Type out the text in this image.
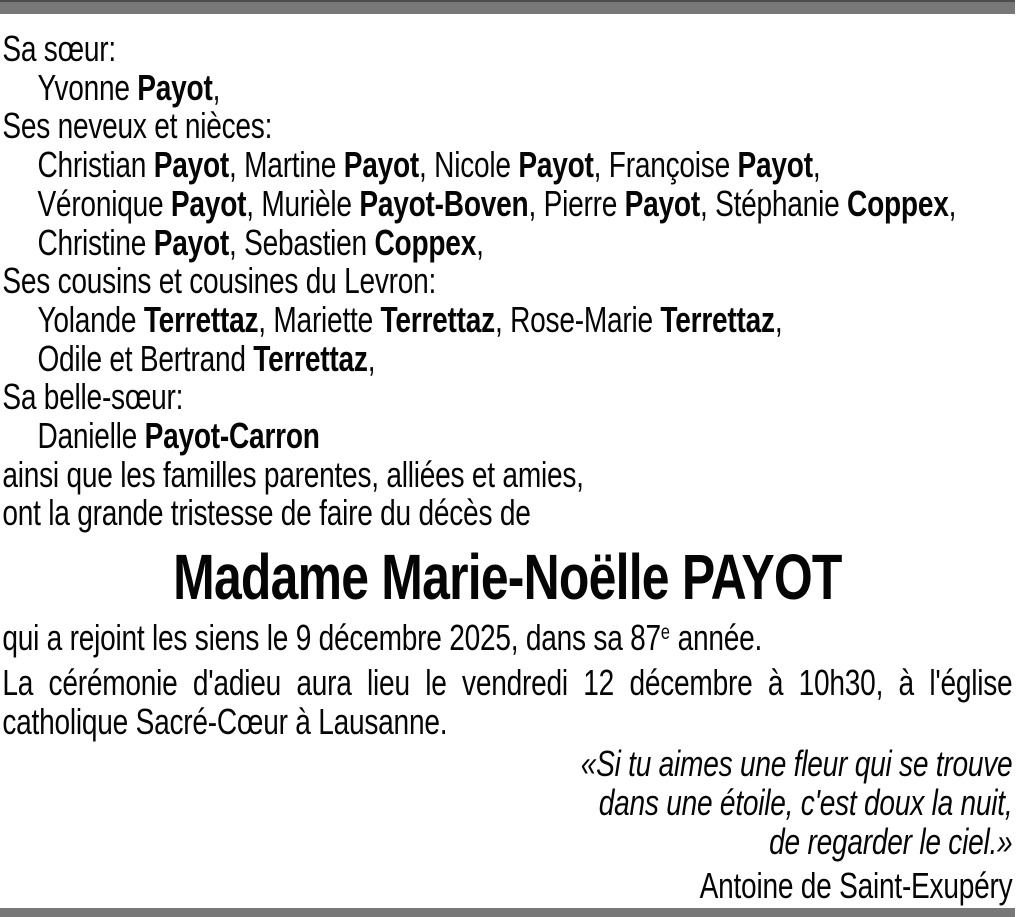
Sa sœur:
Yvonne Payot,
Ses neveux et nièces:
Christian Payot, Martine Payot, Nicole Payot, Françoise Payot,
Véronique Payot, Murièle Payot-Boven, Pierre Payot, Stéphanie Coppex,
Christine Payot, Sebastien Coppex,
Ses cousins et cousines du Levron:
Yolande Terrettaz, Mariette Terrettaz, Rose-Marie Terrettaz,
Odile et Bertrand Terrettaz,
Sa belle-sœur:
Danielle Payot-Carron
ainsi que les familles parentes, alliées et amies,
ont la grande tristesse de faire du décès de
Madame Marie-Noëlle PAYOT

qui a rejoint les siens le 9 décembre 2025, dans sa 87e année.

La cérémonie d'adieu aura lieu le vendredi 12 décembre à 10h30, à l'église catholique Sacré-Cœur à Lausanne.

«Si tu aimes une fleur qui se trouve
dans une étoile, c'est doux la nuit,
de regarder le ciel.»
Antoine de Saint-Exupéry
